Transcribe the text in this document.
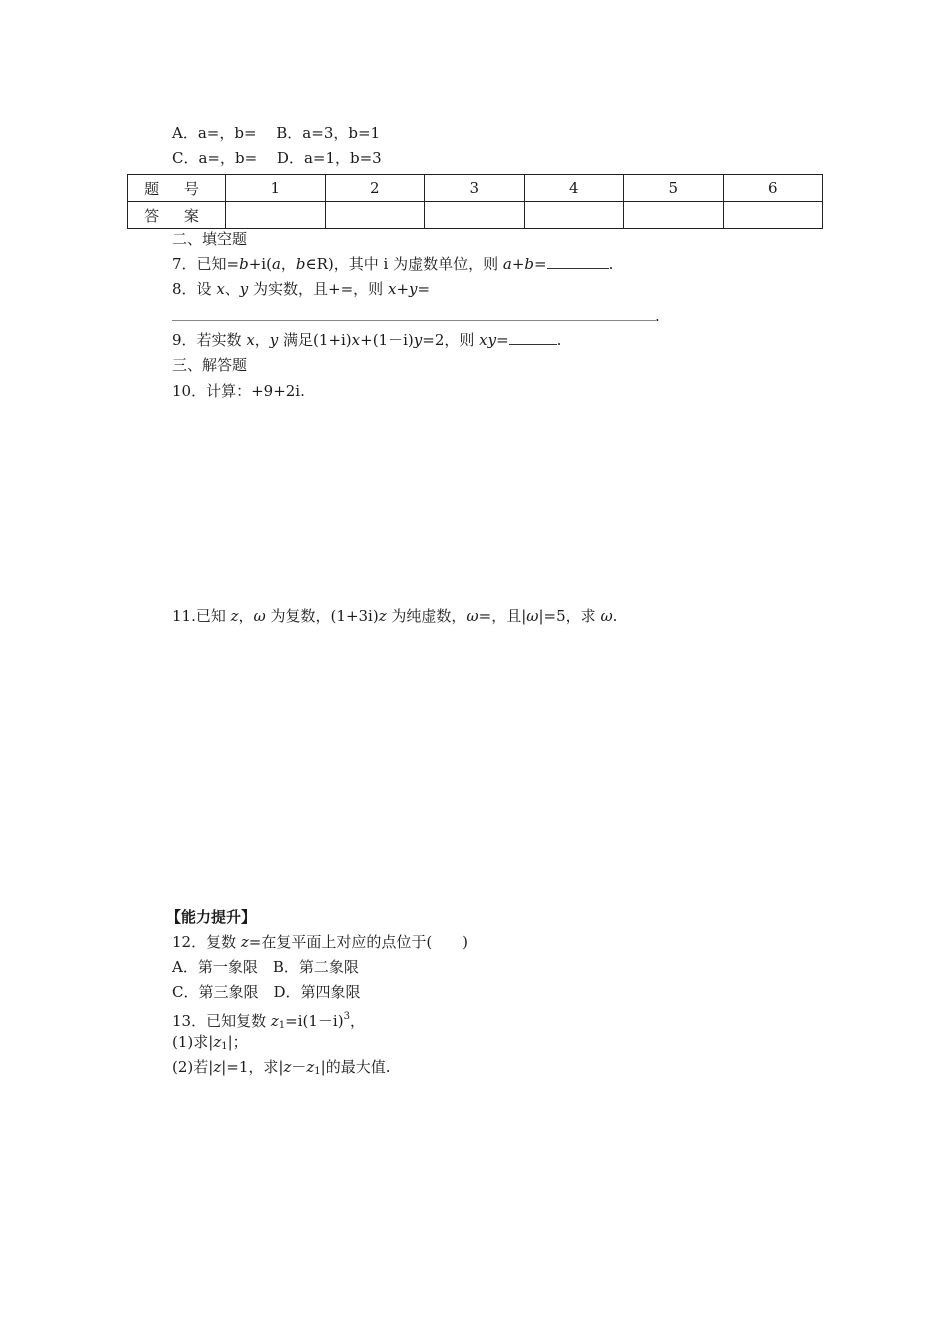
A．a=，b=　 B．a=3，b=1
C．a=，b=　 D．a=1，b=3
题 号	1	2	3	4	5	6
答 案						
二、填空题
7．已知=b+i(a，b∈R)，其中 i 为虚数单位，则 a+b=	.
8．设 x、y 为实数，且+=，则 x+y=
.
9．若实数 x，y 满足(1+i)x+(1－i)y=2，则 xy=	.
三、解答题
10．计算：+9+2i.
11.已知 z，ω 为复数，(1+3i)z 为纯虚数，ω=，且|ω|=5，求 ω.
【能力提升】
12．复数 z=在复平面上对应的点位于(　　)
A．第一象限　B．第二象限
C．第三象限　D．第四象限
13．已知复数 $z_1=i(1-i)^3$，
(1)求$|z_1|$；
(2)若|z|=1，求$|z-z_1|$的最大值.
